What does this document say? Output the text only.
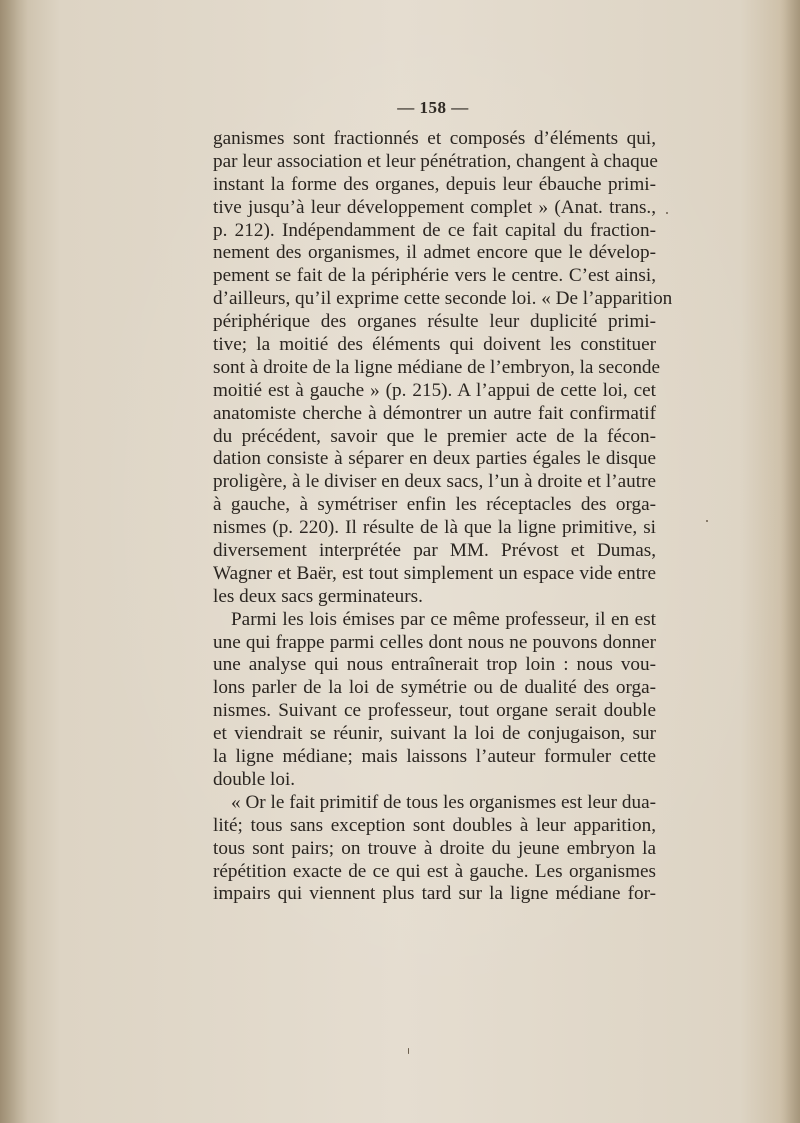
— 158 —
ganismes sont fractionnés et composés d’éléments qui,
par leur association et leur pénétration, changent à chaque
instant la forme des organes, depuis leur ébauche primi-
tive jusqu’à leur développement complet » (Anat. trans.,
p. 212). Indépendamment de ce fait capital du fraction-
nement des organismes, il admet encore que le dévelop-
pement se fait de la périphérie vers le centre. C’est ainsi,
d’ailleurs, qu’il exprime cette seconde loi. « De l’apparition
périphérique des organes résulte leur duplicité primi-
tive; la moitié des éléments qui doivent les constituer
sont à droite de la ligne médiane de l’embryon, la seconde
moitié est à gauche » (p. 215). A l’appui de cette loi, cet
anatomiste cherche à démontrer un autre fait confirmatif
du précédent, savoir que le premier acte de la fécon-
dation consiste à séparer en deux parties égales le disque
proligère, à le diviser en deux sacs, l’un à droite et l’autre
à gauche, à symétriser enfin les réceptacles des orga-
nismes (p. 220). Il résulte de là que la ligne primitive, si
diversement interprétée par MM. Prévost et Dumas,
Wagner et Baër, est tout simplement un espace vide entre
les deux sacs germinateurs.
Parmi les lois émises par ce même professeur, il en est
une qui frappe parmi celles dont nous ne pouvons donner
une analyse qui nous entraînerait trop loin : nous vou-
lons parler de la loi de symétrie ou de dualité des orga-
nismes. Suivant ce professeur, tout organe serait double
et viendrait se réunir, suivant la loi de conjugaison, sur
la ligne médiane; mais laissons l’auteur formuler cette
double loi.
« Or le fait primitif de tous les organismes est leur dua-
lité; tous sans exception sont doubles à leur apparition,
tous sont pairs; on trouve à droite du jeune embryon la
répétition exacte de ce qui est à gauche. Les organismes
impairs qui viennent plus tard sur la ligne médiane for-
